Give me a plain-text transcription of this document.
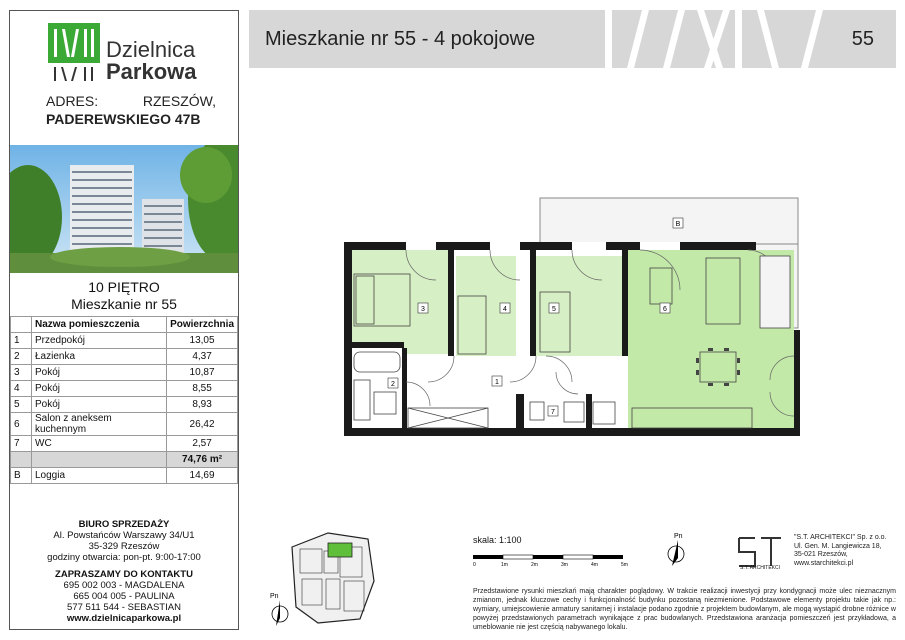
Dzielnica
Parkowa
ADRES:	RZESZÓW,
PADEREWSKIEGO 47B
10 PIĘTRO
Mieszkanie nr 55
	Nazwa pomieszczenia	Powierzchnia
1	Przedpokój	13,05
2	Łazienka	4,37
3	Pokój	10,87
4	Pokój	8,55
5	Pokój	8,93
6	Salon z aneksem kuchennym	26,42
7	WC	2,57
		74,76 m²
B	Loggia	14,69
BIURO SPRZEDAŻY
Al. Powstańców Warszawy 34/U1
35-329 Rzeszów
godziny otwarcia: pon-pt. 9:00-17:00
ZAPRASZAMY DO KONTAKTU
695 002 003 - MAGDALENA
665 004 005 - PAULINA
577 511 544 - SEBASTIAN
www.dzielnicaparkowa.pl
Mieszkanie nr 55 - 4 pokojowe	55
3	4	5	6
1
2
7
B
skala: 1:100
0	1m	2m	3m	4m	5m
Pn
Pn
S.T. ARCHITEKCI
"S.T. ARCHITEKCI" Sp. z o.o.
Ul. Gen. M. Langiewicza 18,
35-021 Rzeszów,
www.starchitekci.pl
Przedstawione rysunki mieszkań mają charakter poglądowy. W trakcie realizacji inwestycji przy kondygnacji może ulec nieznacznym zmianom, jednak kluczowe cechy i funkcjonalność budynku pozostaną niezmienione. Podstawowe elementy projektu takie jak np.: wymiary, umiejscowienie armatury sanitarnej i instalacje podano zgodnie z projektem budowlanym, ale mogą wystąpić drobne różnice w powyżej przedstawionych parametrach wynikające z prac budowlanych. Przedstawiona aranżacja pomieszczeń jest przykładowa, a umeblowanie nie jest częścią nabywanego lokalu.
